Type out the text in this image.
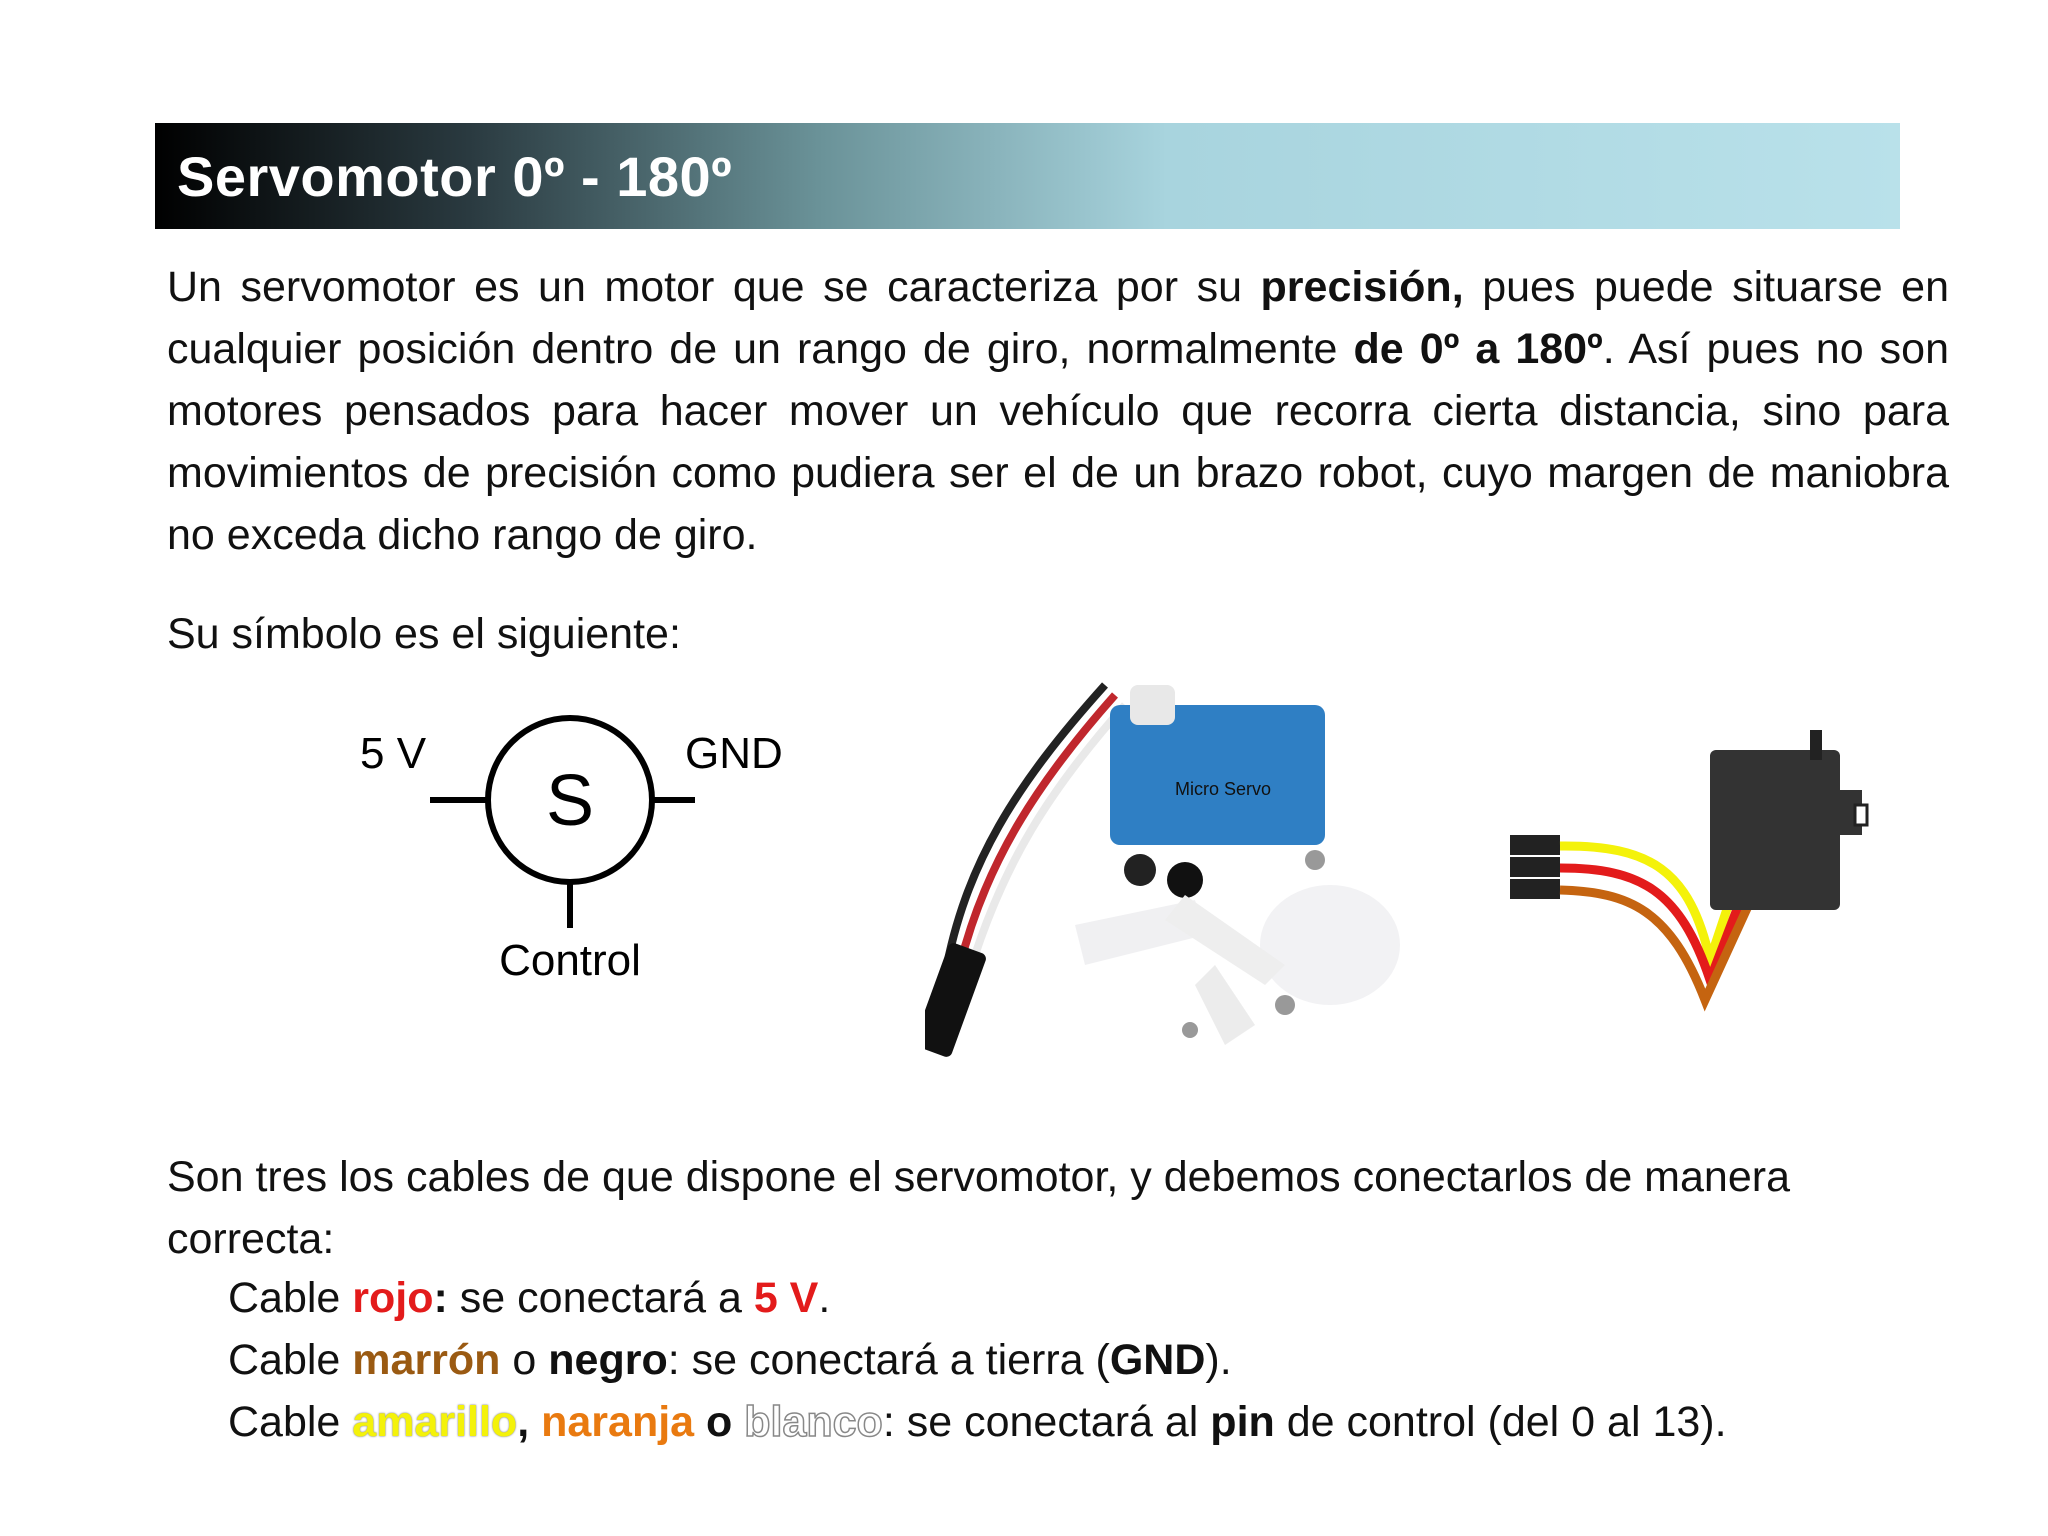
Servomotor 0º - 180º
Un servomotor es un motor que se caracteriza por su precisión, pues puede situarse en cualquier posición dentro de un rango de giro, normalmente de 0º a 180º. Así pues no son motores pensados para hacer mover un vehículo que recorra cierta distancia, sino para movimientos de precisión como pudiera ser el de un brazo robot, cuyo margen de maniobra no exceda dicho rango de giro.
Su símbolo es el siguiente:
S
5 V	GND
Control
Micro Servo
Son tres los cables de que dispone el servomotor, y debemos conectarlos de manera correcta:
Cable rojo: se conectará a 5 V.
Cable marrón o negro: se conectará a tierra (GND).
Cable amarillo, naranja o blanco: se conectará al pin de control (del 0 al 13).
